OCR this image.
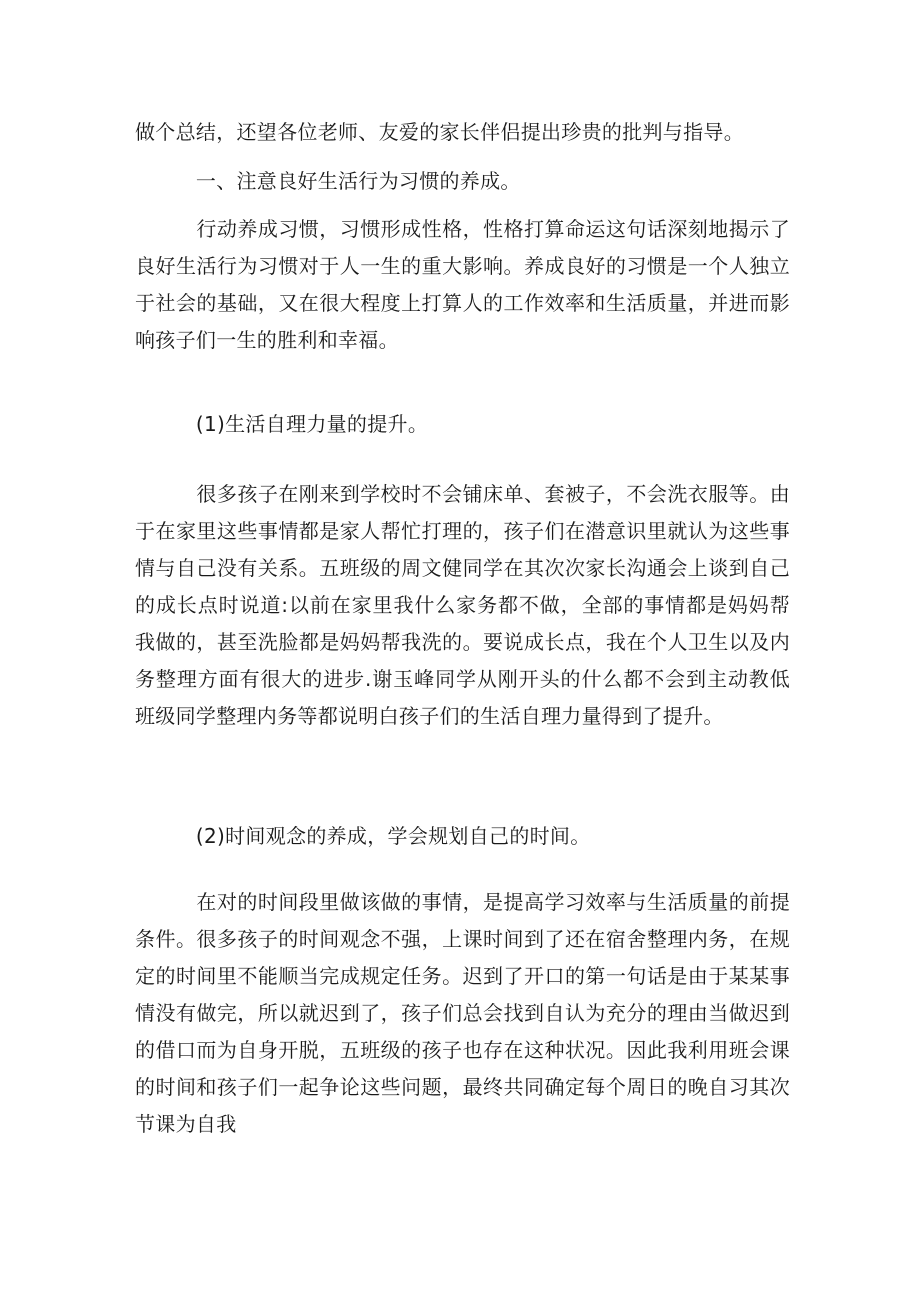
做个总结，还望各位老师、友爱的家长伴侣提出珍贵的批判与指导。

　　　一、注意良好生活行为习惯的养成。

　　　行动养成习惯，习惯形成性格，性格打算命运这句话深刻地揭示了良好生活行为习惯对于人一生的重大影响。养成良好的习惯是一个人独立于社会的基础，又在很大程度上打算人的工作效率和生活质量，并进而影响孩子们一生的胜利和幸福。

　　　(1)生活自理力量的提升。

　　　很多孩子在刚来到学校时不会铺床单、套被子，不会洗衣服等。由于在家里这些事情都是家人帮忙打理的，孩子们在潜意识里就认为这些事情与自己没有关系。五班级的周文健同学在其次次家长沟通会上谈到自己的成长点时说道:以前在家里我什么家务都不做，全部的事情都是妈妈帮我做的，甚至洗脸都是妈妈帮我洗的。要说成长点，我在个人卫生以及内务整理方面有很大的进步.谢玉峰同学从刚开头的什么都不会到主动教低班级同学整理内务等都说明白孩子们的生活自理力量得到了提升。

　　　(2)时间观念的养成，学会规划自己的时间。

　　　在对的时间段里做该做的事情，是提高学习效率与生活质量的前提条件。很多孩子的时间观念不强，上课时间到了还在宿舍整理内务，在规定的时间里不能顺当完成规定任务。迟到了开口的第一句话是由于某某事情没有做完，所以就迟到了，孩子们总会找到自认为充分的理由当做迟到的借口而为自身开脱，五班级的孩子也存在这种状况。因此我利用班会课的时间和孩子们一起争论这些问题，最终共同确定每个周日的晚自习其次节课为自我
